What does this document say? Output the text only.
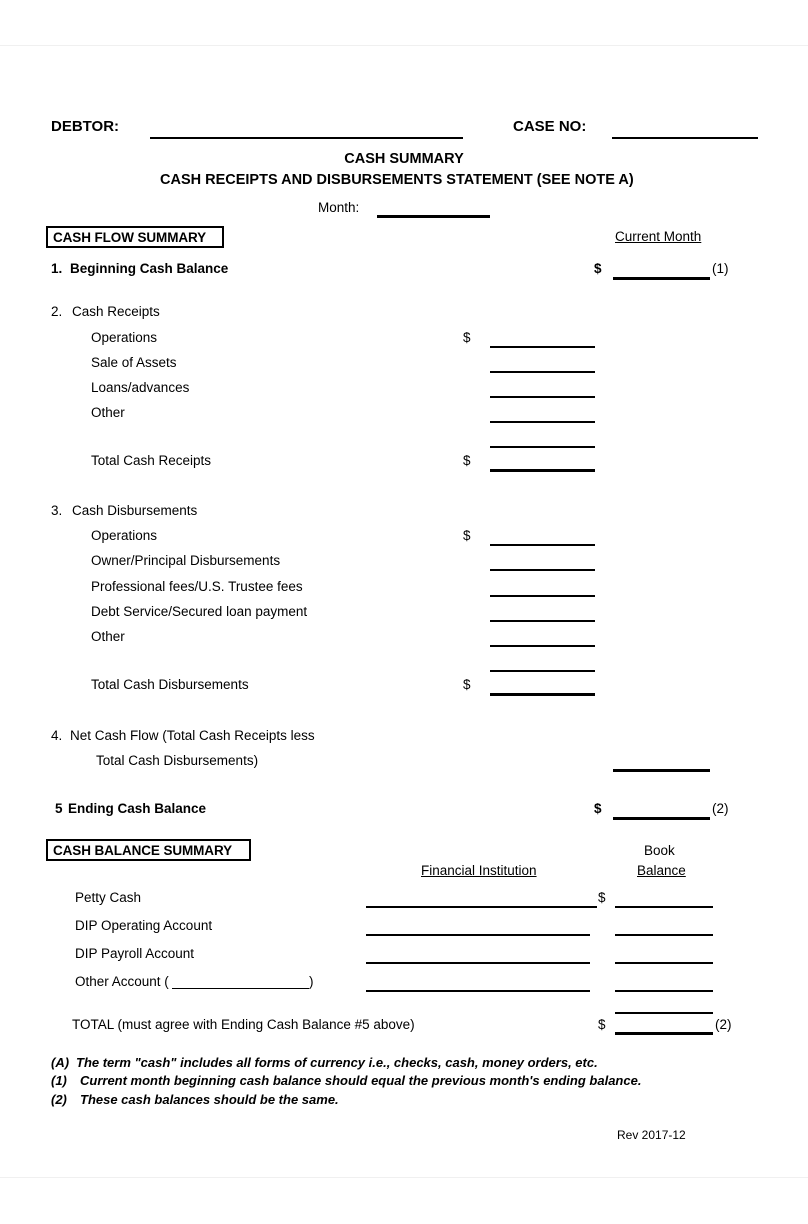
DEBTOR:	CASE NO:
CASH SUMMARY
CASH RECEIPTS AND DISBURSEMENTS STATEMENT (SEE NOTE A)
Month:
CASH FLOW SUMMARY	Current Month
1. Beginning Cash Balance	$	(1)
2. Cash Receipts
Operations	$
Sale of Assets
Loans/advances
Other
Total Cash Receipts	$
3. Cash Disbursements
Operations	$
Owner/Principal Disbursements
Professional fees/U.S. Trustee fees
Debt Service/Secured loan payment
Other
Total Cash Disbursements	$
4. Net Cash Flow (Total Cash Receipts less
Total Cash Disbursements)
5 Ending Cash Balance	$	(2)
CASH BALANCE SUMMARY
Financial Institution
Book
Balance
Petty Cash	$
DIP Operating Account
DIP Payroll Account
Other Account (	)
TOTAL (must agree with Ending Cash Balance #5 above)	$	(2)
(A) The term "cash" includes all forms of currency i.e., checks, cash, money orders, etc.
(1) Current month beginning cash balance should equal the previous month's ending balance.
(2) These cash balances should be the same.
Rev 2017-12
